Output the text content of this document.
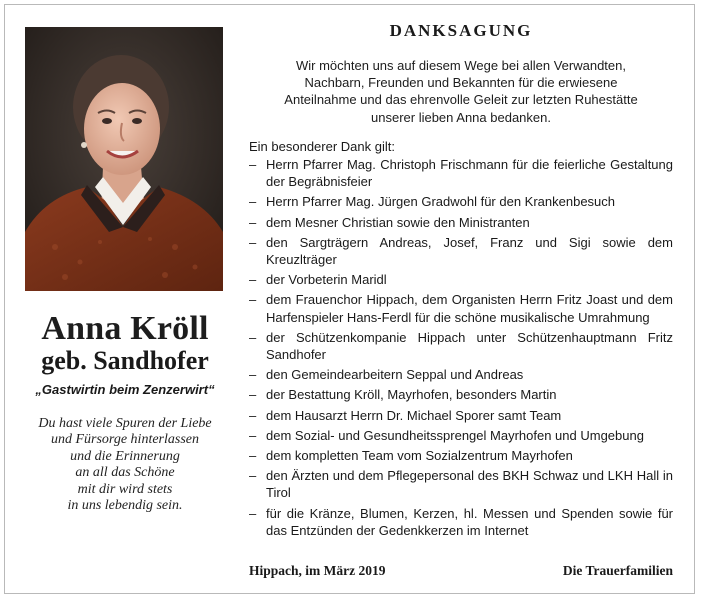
Anna Kröll
geb. Sandhofer
„Gastwirtin beim Zenzerwirt“
Du hast viele Spuren der Liebe
und Fürsorge hinterlassen
und die Erinnerung
an all das Schöne
mit dir wird stets
in uns lebendig sein.
DANKSAGUNG
Wir möchten uns auf diesem Wege bei allen Verwandten,
Nachbarn, Freunden und Bekannten für die erwiesene
Anteilnahme und das ehrenvolle Geleit zur letzten Ruhestätte
unserer lieben Anna bedanken.
Ein besonderer Dank gilt:
– Herrn Pfarrer Mag. Christoph Frischmann für die feierliche Gestaltung der Begräbnisfeier
– Herrn Pfarrer Mag. Jürgen Gradwohl für den Krankenbesuch
– dem Mesner Christian sowie den Ministranten
– den Sargträgern Andreas, Josef, Franz und Sigi sowie dem Kreuzlträger
– der Vorbeterin Maridl
– dem Frauenchor Hippach, dem Organisten Herrn Fritz Joast und dem Harfenspieler Hans-Ferdl für die schöne musikalische Umrahmung
– der Schützenkompanie Hippach unter Schützenhauptmann Fritz Sandhofer
– den Gemeindearbeitern Seppal und Andreas
– der Bestattung Kröll, Mayrhofen, besonders Martin
– dem Hausarzt Herrn Dr. Michael Sporer samt Team
– dem Sozial- und Gesundheitssprengel Mayrhofen und Umgebung
– dem kompletten Team vom Sozialzentrum Mayrhofen
– den Ärzten und dem Pflegepersonal des BKH Schwaz und LKH Hall in Tirol
– für die Kränze, Blumen, Kerzen, hl. Messen und Spenden sowie für das Entzünden der Gedenkkerzen im Internet
Hippach, im März 2019	Die Trauerfamilien
